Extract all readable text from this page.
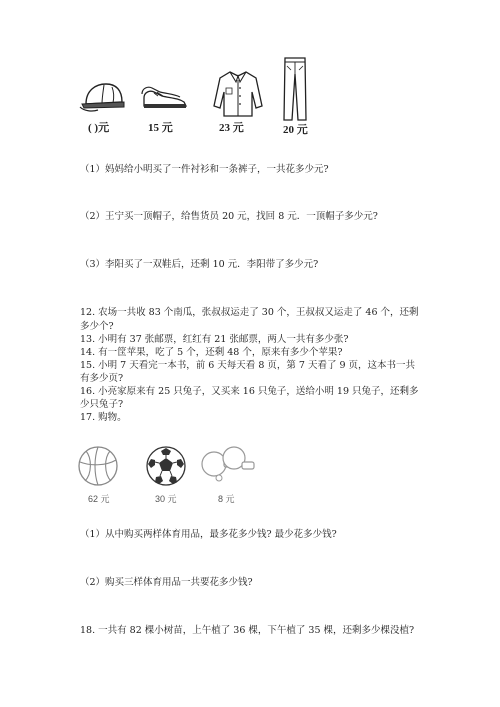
( )元	15 元	23 元	20 元
（1）妈妈给小明买了一件衬衫和一条裤子，一共花多少元?
（2）王宁买一顶帽子，给售货员 20 元，找回 8 元．一顶帽子多少元?
（3）李阳买了一双鞋后，还剩 10 元．李阳带了多少元?
12. 农场一共收 83 个南瓜，张叔叔运走了 30 个，王叔叔又运走了 46 个，还剩
多少个?
13. 小明有 37 张邮票，红红有 21 张邮票，两人一共有多少张?
14. 有一筐苹果，吃了 5 个，还剩 48 个，原来有多少个苹果?
15. 小明 7 天看完一本书，前 6 天每天看 8 页，第 7 天看了 9 页，这本书一共
有多少页?
16. 小亮家原来有 25 只兔子，又买来 16 只兔子，送给小明 19 只兔子，还剩多
少只兔子?
17. 购物。
62 元	30 元	8 元
（1）从中购买两样体育用品，最多花多少钱? 最少花多少钱?
（2）购买三样体育用品一共要花多少钱?
18. 一共有 82 棵小树苗，上午植了 36 棵，下午植了 35 棵，还剩多少棵没植?
